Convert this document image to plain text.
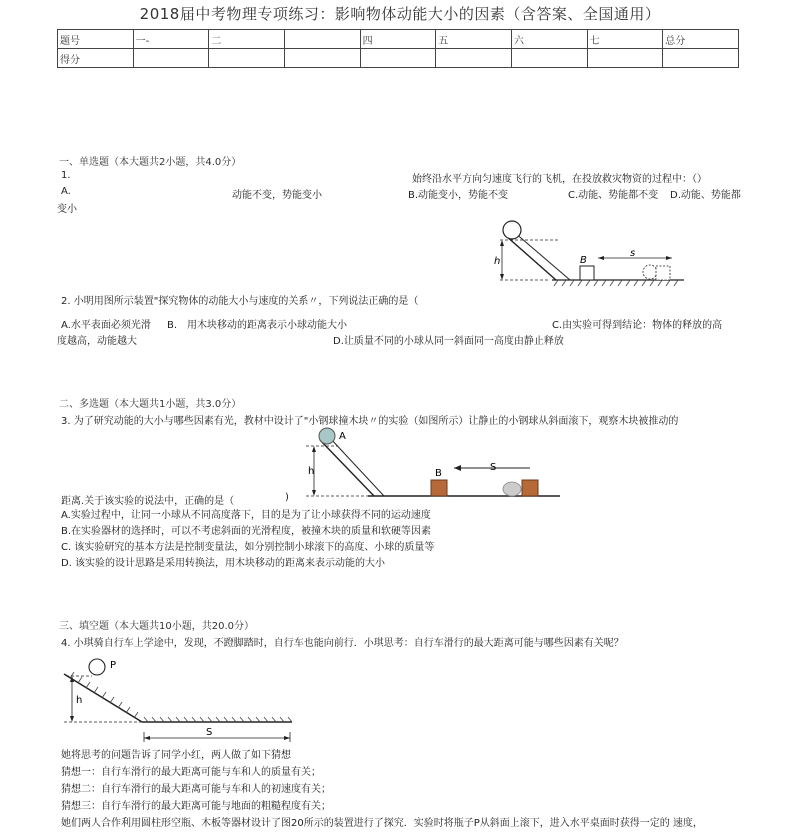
2018届中考物理专项练习：影响物体动能大小的因素（含答案、全国通用）
题号	一-	二		四	五	六	七	总分
得分								
一、单选题（本大题共2小题，共4.0分）
1.	始终沿水平方向匀速度飞行的飞机，在投放救灾物资的过程中：（）
A.	动能不变，势能变小	B.动能变小，势能不变	C.动能、势能都不变 D.动能、势能都
变小
h	B
s
2. 小明用图所示装置"探究物体的动能大小与速度的关系〃，下列说法正确的是（
A.水平表面必须光滑 B.　用木块移动的距离表示小球动能大小	C.由实验可得到结论：物体的释放的高
度越高，动能越大	D.让质量不同的小球从同一斜面同一高度由静止释放
二、多选题（本大题共1小题，共3.0分）
3. 为了研究动能的大小与哪些因素有光，教材中设计了"小钢球撞木块〃的实验（如图所示）让静止的小钢球从斜面滚下，观察木块被推动的
A
h	B
S
距离.关于该实验的说法中，正确的是（	)
A.实验过程中，让同一小球从不同高度落下，目的是为了让小球获得不同的运动速度
B.在实验器材的选择时，可以不考虑斜面的光滑程度，被撞木块的质量和软硬等因素
C. 该实验研究的基本方法是控制变量法，如分别控制小球滚下的高度、小球的质量等
D. 该实验的设计思路是采用转换法，用木块移动的距离来表示动能的大小
三、填空题（本大题共10小题，共20.0分）
4. 小琪骑自行车上学途中，发现，不蹬脚踏时，自行车也能向前行．小琪思考：自行车滑行的最大距离可能与哪些因素有关呢？
P
h
S
她将思考的问题告诉了同学小红，两人做了如下猜想
猜想一：自行车滑行的最大距离可能与车和人的质量有关；
猜想二：自行车滑行的最大距离可能与车和人的初速度有关；
猜想三：自行车滑行的最大距离可能与地面的粗糙程度有关；
她们两人合作利用圆柱形空瓶、木板等器材设计了图20所示的装置进行了探究．实验时将瓶子P从斜面上滚下，进入水平桌面时获得一定的 速度，
